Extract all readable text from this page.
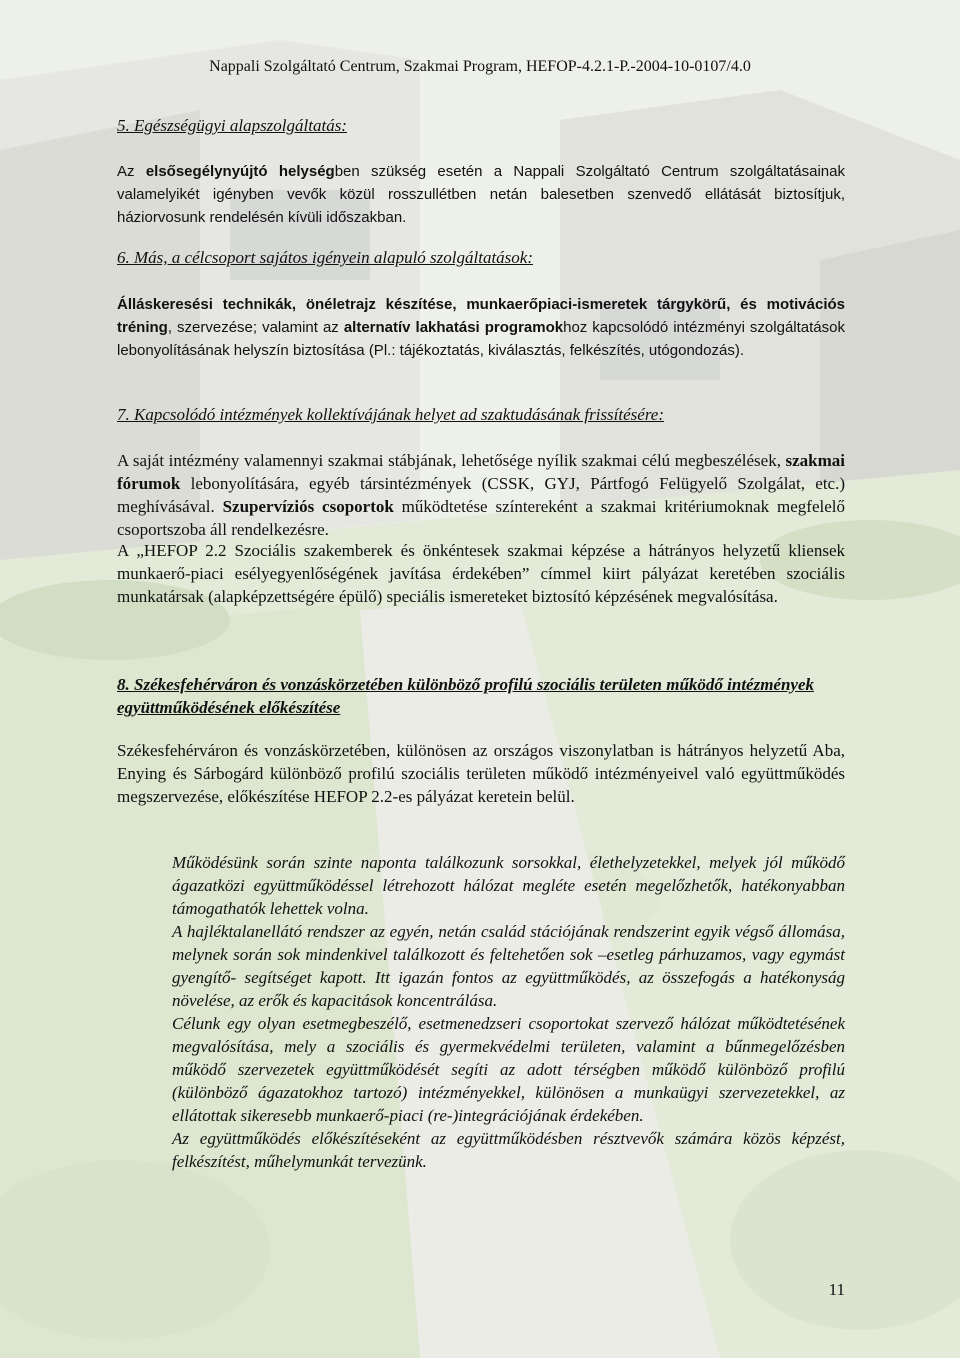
Nappali Szolgáltató Centrum, Szakmai Program, HEFOP-4.2.1-P.-2004-10-0107/4.0
5. Egészségügyi alapszolgáltatás:
Az elsősegélynyújtó helységben szükség esetén a Nappali Szolgáltató Centrum szolgáltatásainak valamelyikét igényben vevők közül rosszullétben netán balesetben szenvedő ellátását biztosítjuk, háziorvosunk rendelésén kívüli időszakban.
6. Más, a célcsoport sajátos igényein alapuló szolgáltatások:
Álláskeresési technikák, önéletrajz készítése, munkaerőpiaci-ismeretek tárgykörű, és motivációs tréning, szervezése; valamint az alternatív lakhatási programokhoz kapcsolódó intézményi szolgáltatások lebonyolításának helyszín biztosítása (Pl.: tájékoztatás, kiválasztás, felkészítés, utógondozás).
7. Kapcsolódó intézmények kollektívájának helyet ad szaktudásának frissítésére:
A saját intézmény valamennyi szakmai stábjának, lehetősége nyílik szakmai célú megbeszélések, szakmai fórumok lebonyolítására, egyéb társintézmények (CSSK, GYJ, Pártfogó Felügyelő Szolgálat, etc.) meghívásával. Szupervíziós csoportok működtetése színtereként a szakmai kritériumoknak megfelelő csoportszoba áll rendelkezésre.
A „HEFOP 2.2 Szociális szakemberek és önkéntesek szakmai képzése a hátrányos helyzetű kliensek munkaerő-piaci esélyegyenlőségének javítása érdekében” címmel kiirt pályázat keretében szociális munkatársak (alapképzettségére épülő) speciális ismereteket biztosító képzésének megvalósítása.
8. Székesfehérváron és vonzáskörzetében különböző profilú szociális területen működő intézmények együttműködésének előkészítése
Székesfehérváron és vonzáskörzetében, különösen az országos viszonylatban is hátrányos helyzetű Aba, Enying és Sárbogárd különböző profilú szociális területen működő intézményeivel való együttműködés megszervezése, előkészítése HEFOP 2.2-es pályázat keretein belül.

Működésünk során szinte naponta találkozunk sorsokkal, élethelyzetekkel, melyek jól működő ágazatközi együttműködéssel létrehozott hálózat megléte esetén megelőzhetők, hatékonyabban támogathatók lehettek volna.

A hajléktalanellátó rendszer az egyén, netán család stációjának rendszerint egyik végső állomása, melynek során sok mindenkivel találkozott és feltehetően sok –esetleg párhuzamos, vagy egymást gyengítő- segítséget kapott. Itt igazán fontos az együttműködés, az összefogás a hatékonyság növelése, az erők és kapacitások koncentrálása.

Célunk egy olyan esetmegbeszélő, esetmenedzseri csoportokat szervező hálózat működtetésének megvalósítása, mely a szociális és gyermekvédelmi területen, valamint a bűnmegelőzésben működő szervezetek együttműködését segíti az adott térségben működő különböző profilú (különböző ágazatokhoz tartozó) intézményekkel, különösen a munkaügyi szervezetekkel, az ellátottak sikeresebb munkaerő-piaci (re-)integrációjának érdekében.

Az együttműködés előkészítéseként az együttműködésben résztvevők számára közös képzést, felkészítést, műhelymunkát tervezünk.

11
